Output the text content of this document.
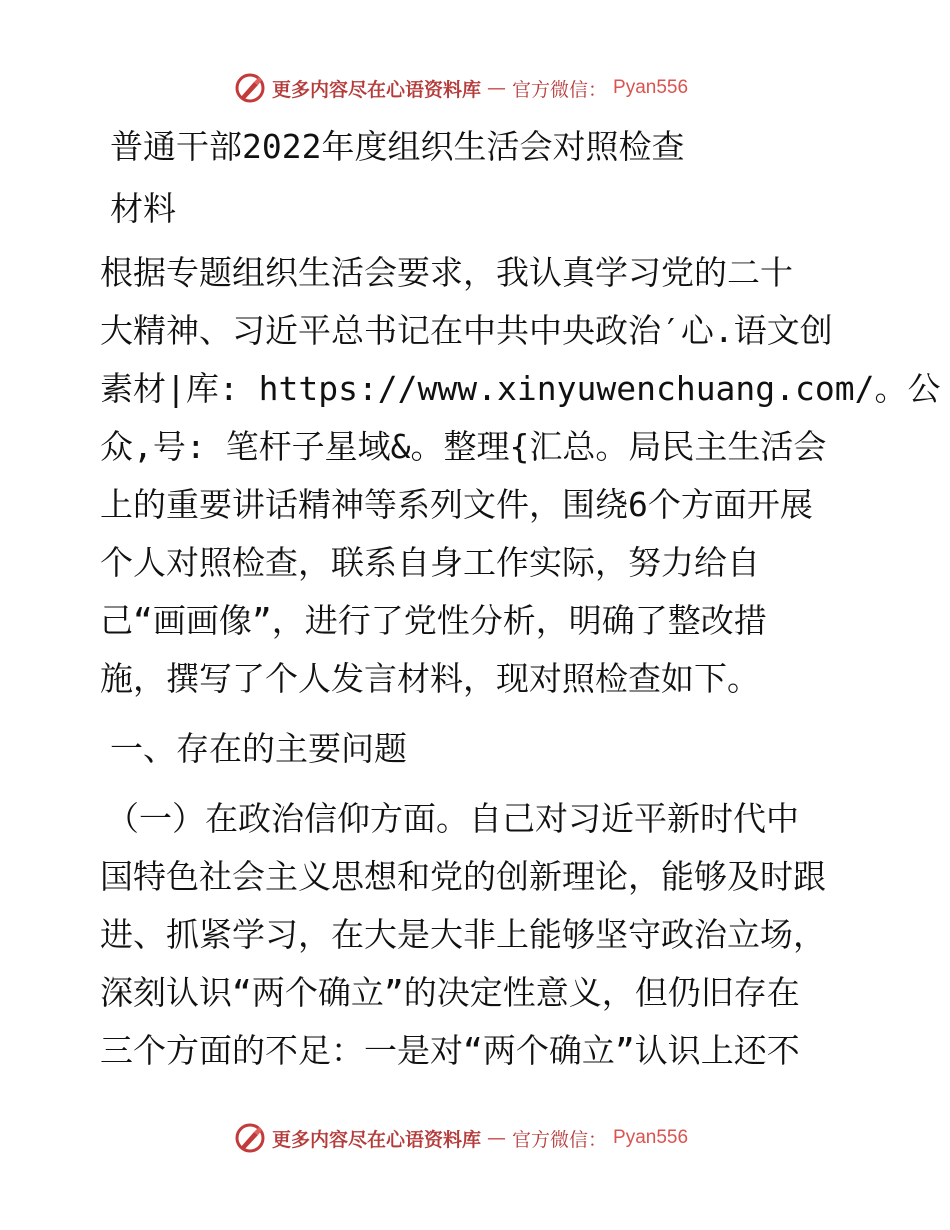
更多内容尽在心语资料库 — 官方微信： Pyan556
普通干部2022年度组织生活会对照检查
材料
根据专题组织生活会要求，我认真学习党的二十
大精神、习近平总书记在中共中央政治′心.语文创
素材|库: https://www.xinyuwenchuang.com/。公
众,号: 笔杆子星域&。整理{汇总。局民主生活会
上的重要讲话精神等系列文件，围绕6个方面开展
个人对照检查，联系自身工作实际，努力给自
己“画画像”，进行了党性分析，明确了整改措
施，撰写了个人发言材料，现对照检查如下。
一、存在的主要问题
（一）在政治信仰方面。自己对习近平新时代中
国特色社会主义思想和党的创新理论，能够及时跟
进、抓紧学习，在大是大非上能够坚守政治立场，
深刻认识“两个确立”的决定性意义，但仍旧存在
三个方面的不足：一是对“两个确立”认识上还不
更多内容尽在心语资料库 — 官方微信： Pyan556
